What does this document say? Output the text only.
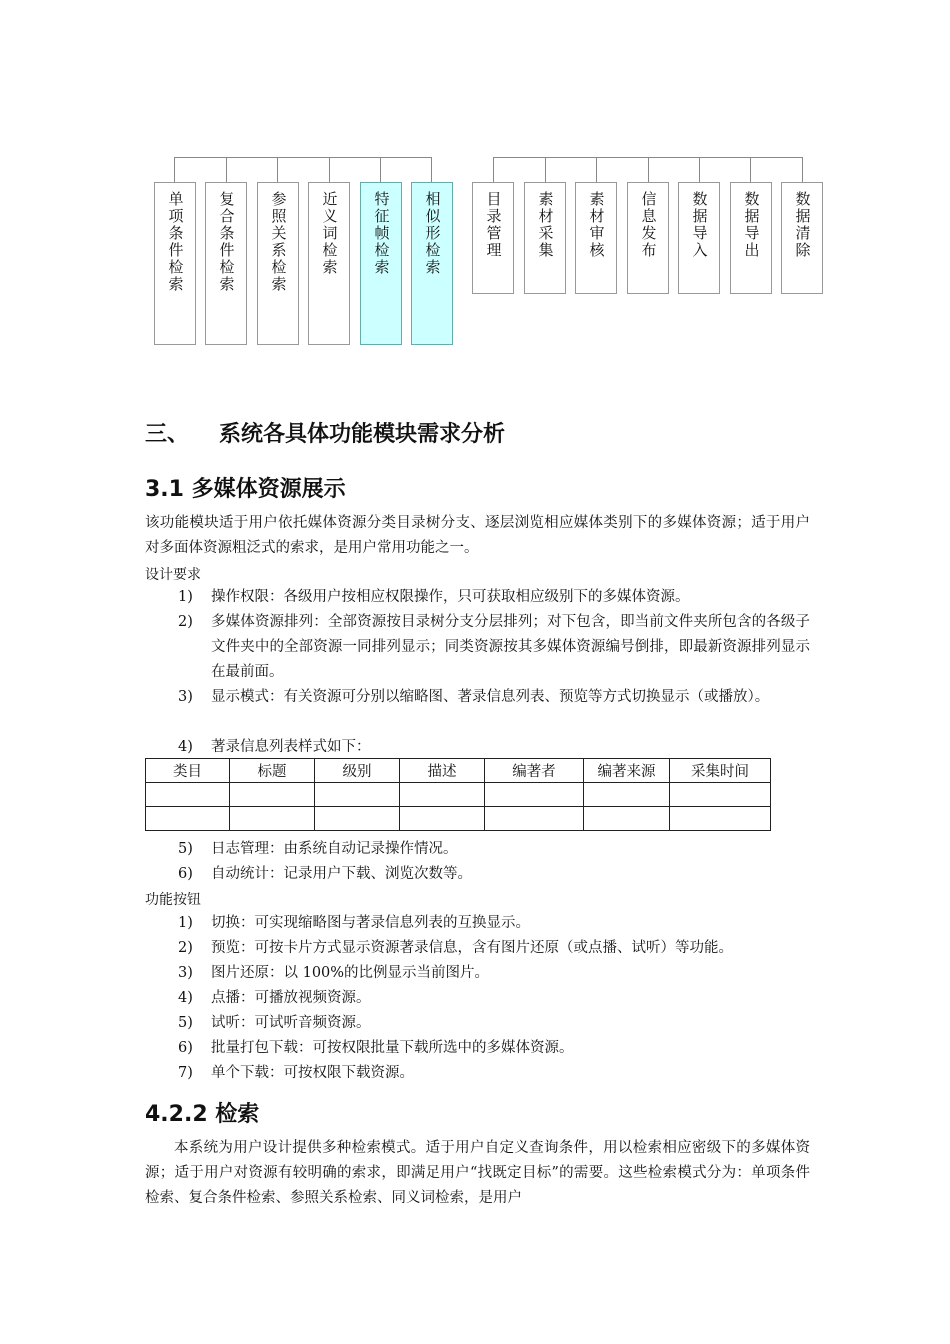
单项条件检索 复合条件检索 参照关系检索 近义词检索 特征帧检索 相似形检索	目录管理 素材采集 素材审核 信息发布 数据导入 数据导出 数据清除
三、 系统各具体功能模块需求分析
3.1 多媒体资源展示
该功能模块适于用户依托媒体资源分类目录树分支、逐层浏览相应媒体类别下的多媒体资源；适于用户对多面体资源粗泛式的索求，是用户常用功能之一。
设计要求
1)	操作权限：各级用户按相应权限操作，只可获取相应级别下的多媒体资源。
2)	多媒体资源排列：全部资源按目录树分支分层排列；对下包含，即当前文件夹所包含的各级子文件夹中的全部资源一同排列显示；同类资源按其多媒体资源编号倒排，即最新资源排列显示在最前面。
3)	显示模式：有关资源可分别以缩略图、著录信息列表、预览等方式切换显示（或播放）。
4)	著录信息列表样式如下：
类目	标题	级别	描述	编著者	编著来源	采集时间

5)	日志管理：由系统自动记录操作情况。
6)	自动统计：记录用户下载、浏览次数等。
功能按钮
1)	切换：可实现缩略图与著录信息列表的互换显示。
2)	预览：可按卡片方式显示资源著录信息，含有图片还原（或点播、试听）等功能。
3)	图片还原：以 100%的比例显示当前图片。
4)	点播：可播放视频资源。
5)	试听：可试听音频资源。
6)	批量打包下载：可按权限批量下载所选中的多媒体资源。
7)	单个下载：可按权限下载资源。
4.2.2 检索
本系统为用户设计提供多种检索模式。适于用户自定义查询条件，用以检索相应密级下的多媒体资源；适于用户对资源有较明确的索求，即满足用户“找既定目标”的需要。这些检索模式分为：单项条件检索、复合条件检索、参照关系检索、同义词检索，是用户
